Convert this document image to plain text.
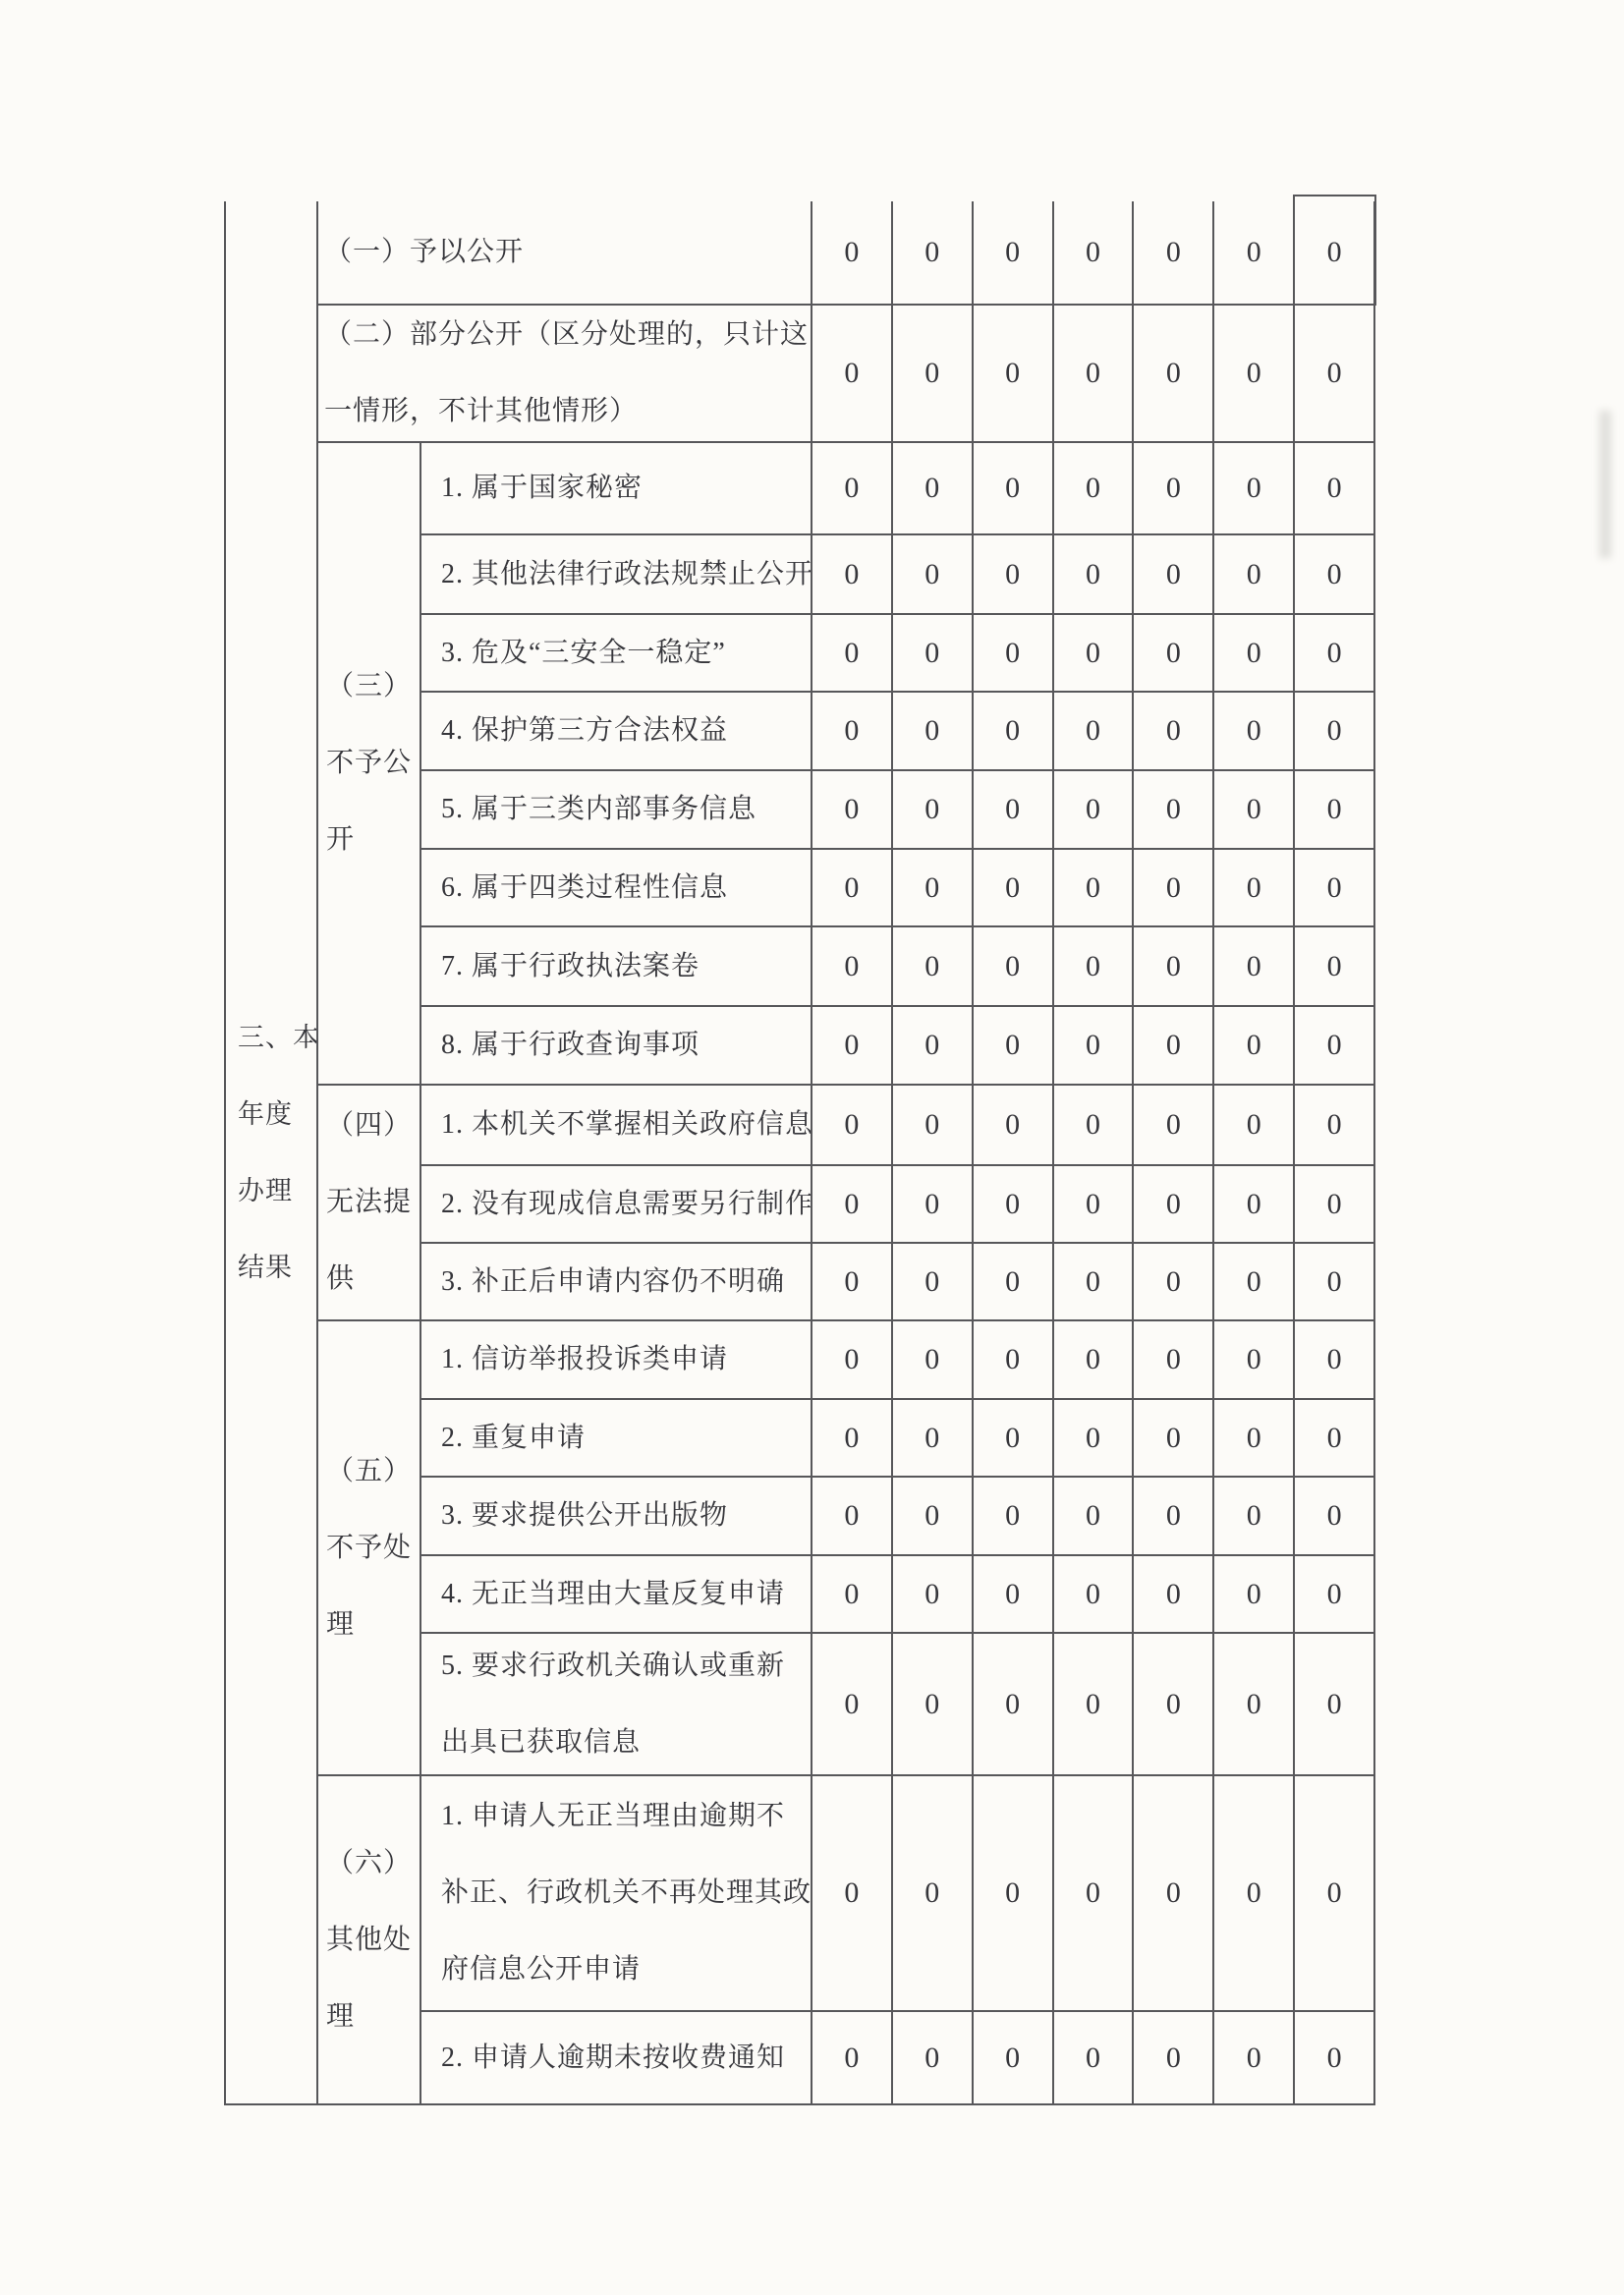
三、本
年度
办理
结果
（一）予以公开	0	0	0	0	0	0	0
（二）部分公开（区分处理的，只计这
一情形，不计其他情形）
0	0	0	0	0	0	0
（三）
不予公
开
1. 属于国家秘密	0	0	0	0	0	0	0
2. 其他法律行政法规禁止公开	0	0	0	0	0	0	0
3. 危及“三安全一稳定”	0	0	0	0	0	0	0
4. 保护第三方合法权益	0	0	0	0	0	0	0
5. 属于三类内部事务信息	0	0	0	0	0	0	0
6. 属于四类过程性信息	0	0	0	0	0	0	0
7. 属于行政执法案卷	0	0	0	0	0	0	0
8. 属于行政查询事项	0	0	0	0	0	0	0
（四）
无法提
供
1. 本机关不掌握相关政府信息	0	0	0	0	0	0	0
2. 没有现成信息需要另行制作	0	0	0	0	0	0	0
3. 补正后申请内容仍不明确	0	0	0	0	0	0	0
（五）
不予处
理
1. 信访举报投诉类申请	0	0	0	0	0	0	0
2. 重复申请	0	0	0	0	0	0	0
3. 要求提供公开出版物	0	0	0	0	0	0	0
4. 无正当理由大量反复申请	0	0	0	0	0	0	0
5. 要求行政机关确认或重新
出具已获取信息
0	0	0	0	0	0	0
（六）
其他处
理
1. 申请人无正当理由逾期不
补正、行政机关不再处理其政
府信息公开申请
0	0	0	0	0	0	0
2. 申请人逾期未按收费通知	0	0	0	0	0	0	0
